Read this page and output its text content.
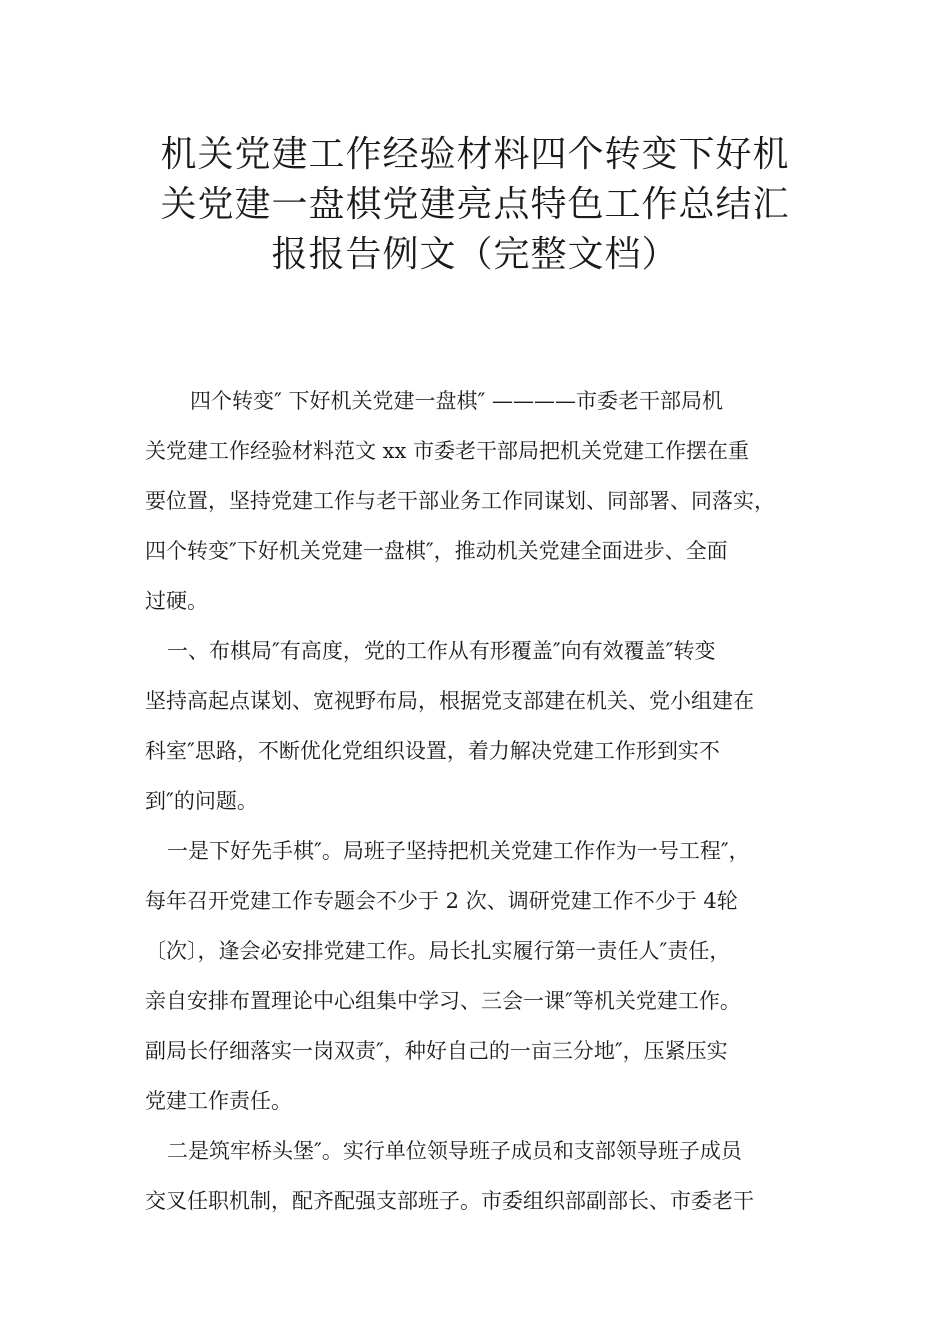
机关党建工作经验材料四个转变下好机
关党建一盘棋党建亮点特色工作总结汇
报报告例文（完整文档）
四个转变″ 下好机关党建一盘棋″ ————市委老干部局机
关党建工作经验材料范文 xx 市委老干部局把机关党建工作摆在重
要位置，坚持党建工作与老干部业务工作同谋划、同部署、同落实，
四个转变″下好机关党建一盘棋″，推动机关党建全面进步、全面
过硬。
一、布棋局″有高度，党的工作从有形覆盖″向有效覆盖″转变
坚持高起点谋划、宽视野布局，根据党支部建在机关、党小组建在
科室″思路，不断优化党组织设置，着力解决党建工作形到实不
到″的问题。
一是下好先手棋″。局班子坚持把机关党建工作作为一号工程″，
每年召开党建工作专题会不少于 2 次、调研党建工作不少于 4轮
〔次〕，逢会必安排党建工作。局长扎实履行第一责任人″责任，
亲自安排布置理论中心组集中学习、三会一课″等机关党建工作。
副局长仔细落实一岗双责″，种好自己的一亩三分地″，压紧压实
党建工作责任。
二是筑牢桥头堡″。实行单位领导班子成员和支部领导班子成员
交叉任职机制，配齐配强支部班子。市委组织部副部长、市委老干
